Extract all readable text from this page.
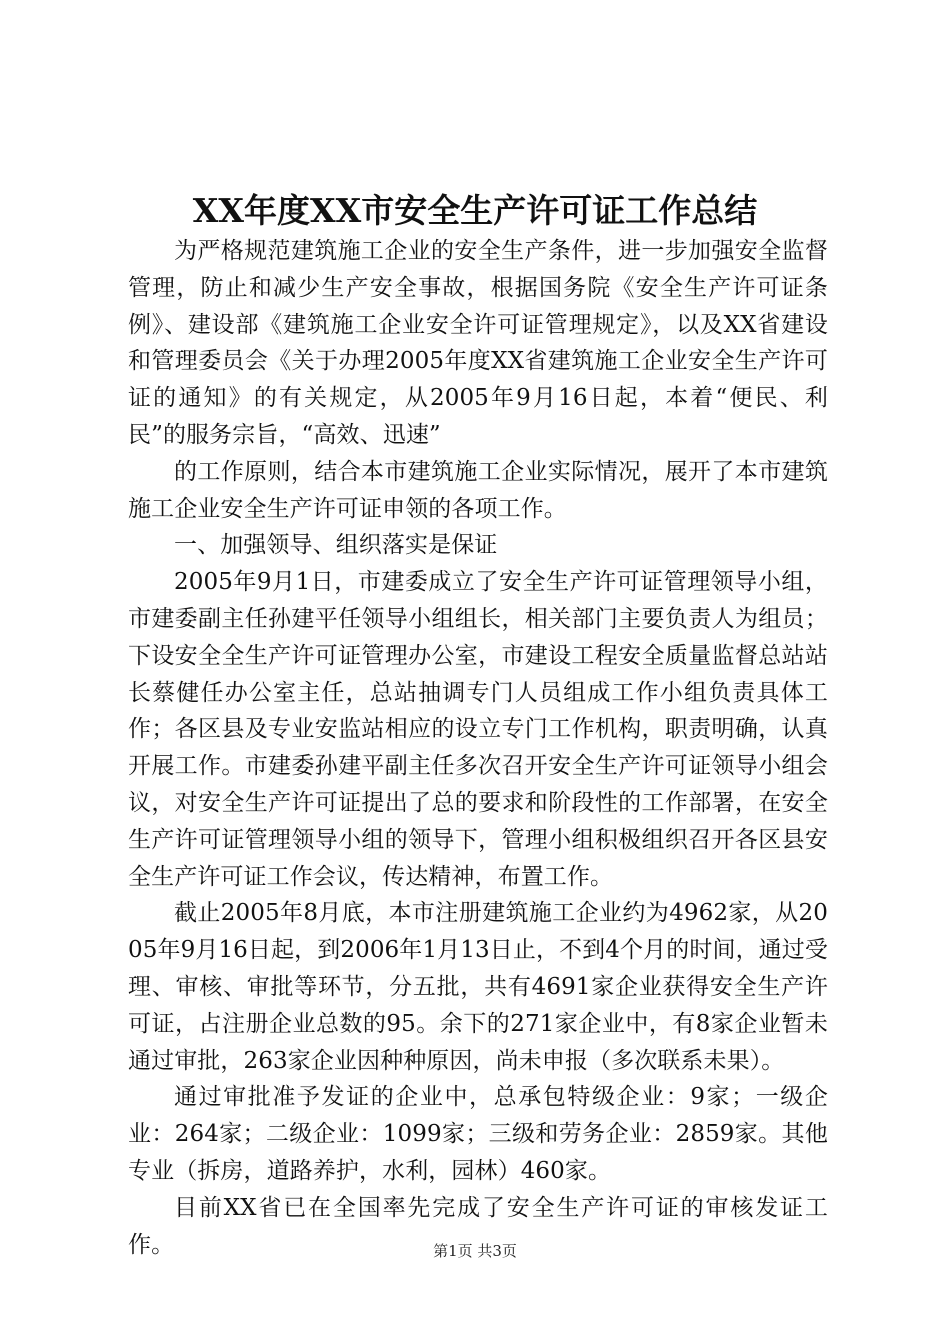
XX年度XX市安全生产许可证工作总结

为严格规范建筑施工企业的安全生产条件，进一步加强安全监督管理，防止和减少生产安全事故，根据国务院《安全生产许可证条例》、建设部《建筑施工企业安全许可证管理规定》，以及XX省建设和管理委员会《关于办理2005年度XX省建筑施工企业安全生产许可证的通知》的有关规定，从2005年9月16日起，本着“便民、利民”的服务宗旨，“高效、迅速”

的工作原则，结合本市建筑施工企业实际情况，展开了本市建筑施工企业安全生产许可证申领的各项工作。

一、加强领导、组织落实是保证

2005年9月1日，市建委成立了安全生产许可证管理领导小组，市建委副主任孙建平任领导小组组长，相关部门主要负责人为组员；下设安全全生产许可证管理办公室，市建设工程安全质量监督总站站长蔡健任办公室主任，总站抽调专门人员组成工作小组负责具体工作；各区县及专业安监站相应的设立专门工作机构，职责明确，认真开展工作。市建委孙建平副主任多次召开安全生产许可证领导小组会议，对安全生产许可证提出了总的要求和阶段性的工作部署，在安全生产许可证管理领导小组的领导下，管理小组积极组织召开各区县安全生产许可证工作会议，传达精神，布置工作。

截止2005年8月底，本市注册建筑施工企业约为4962家，从2005年9月16日起，到2006年1月13日止，不到4个月的时间，通过受理、审核、审批等环节，分五批，共有4691家企业获得安全生产许可证，占注册企业总数的95。余下的271家企业中，有8家企业暂未通过审批，263家企业因种种原因，尚未申报（多次联系未果）。

通过审批准予发证的企业中，总承包特级企业：9家；一级企业：264家；二级企业：1099家；三级和劳务企业：2859家。其他专业（拆房，道路养护，水利，园林）460家。

目前XX省已在全国率先完成了安全生产许可证的审核发证工作。	第1页 共3页
